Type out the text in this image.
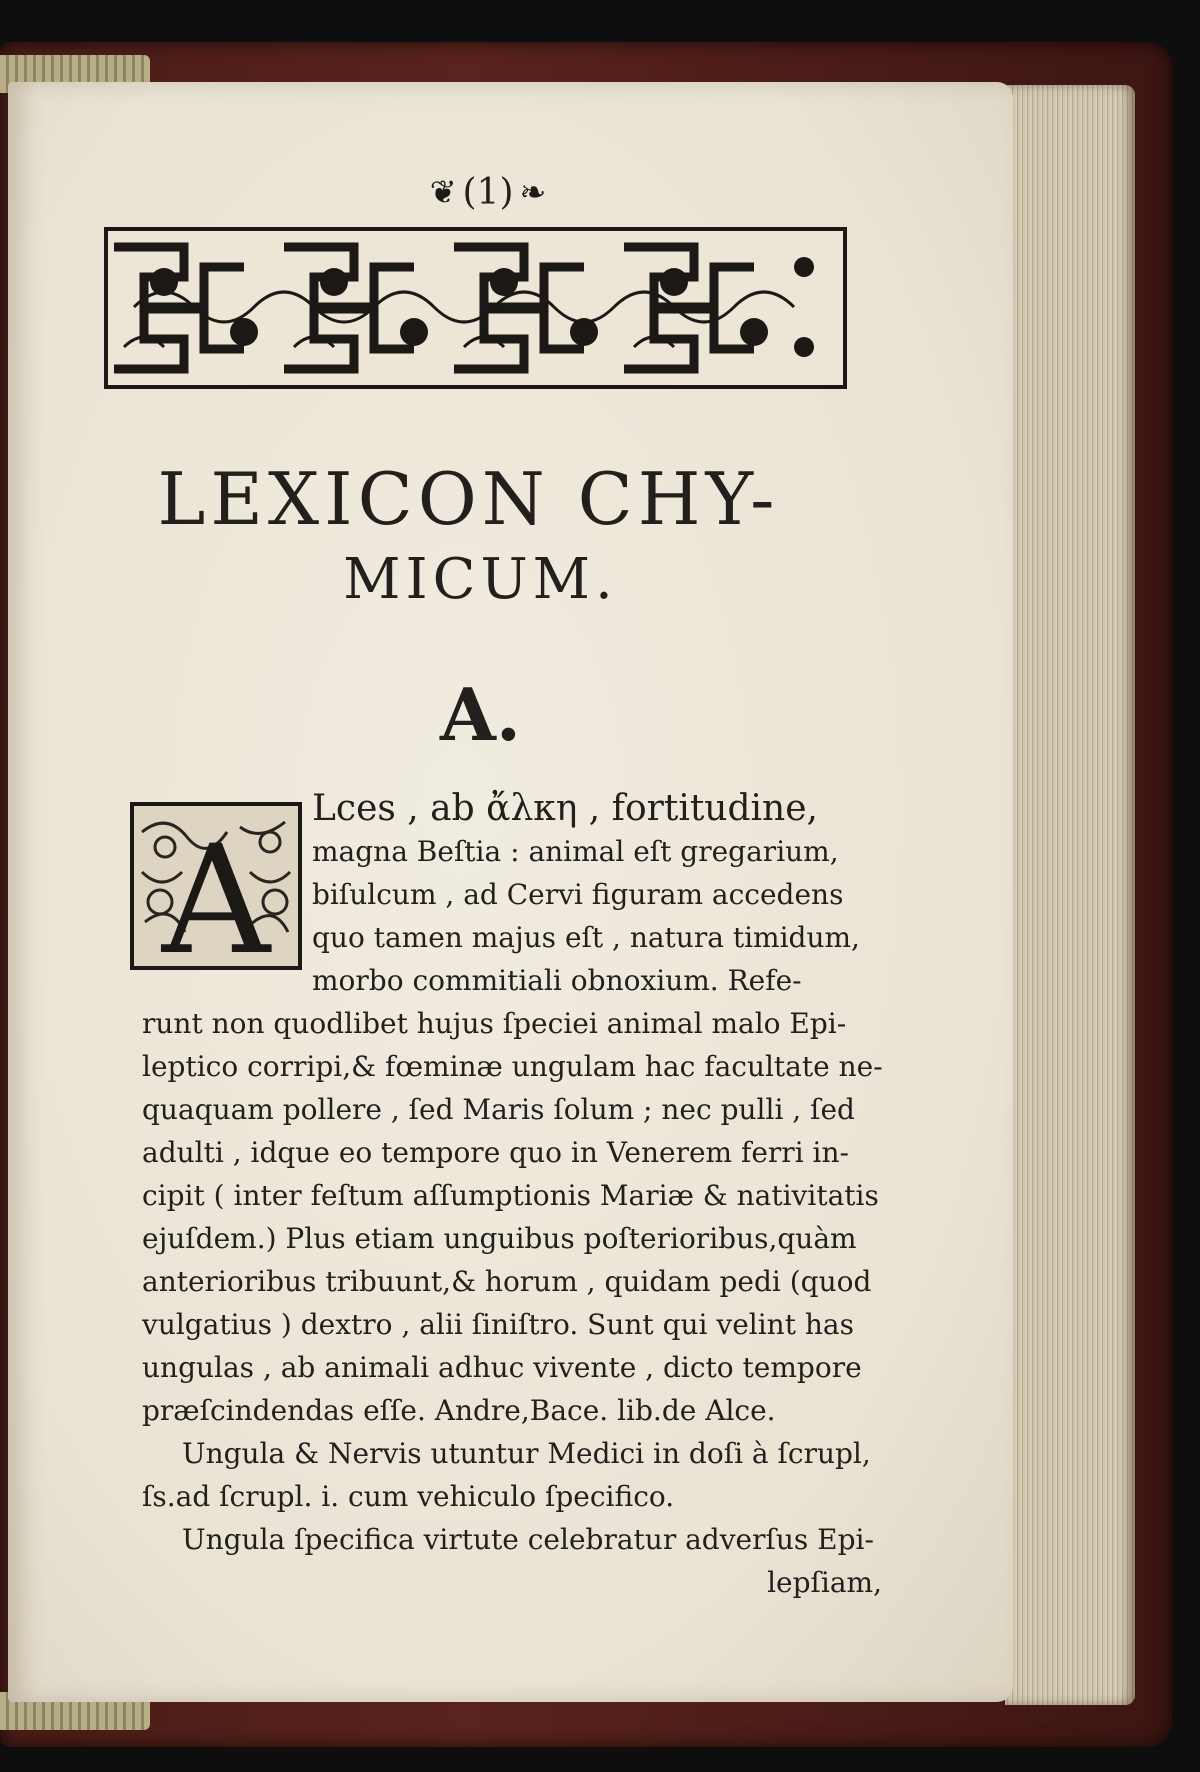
❦ (1) ❧
LEXICON CHY-
MICUM.
A.
A
Lces , ab ἄλκη , fortitudine,
magna Beſtia : animal eſt gregarium,
biſulcum , ad Cervi figuram accedens
quo tamen majus eſt , natura timidum,
morbo commitiali obnoxium. Refe-
runt non quodlibet hujus ſpeciei animal malo Epi-
leptico corripi,& fœminæ ungulam hac facultate ne-
quaquam pollere , ſed Maris ſolum ; nec pulli , ſed
adulti , idque eo tempore quo in Venerem ferri in-
cipit ( inter feſtum aſſumptionis Mariæ & nativitatis
ejuſdem.) Plus etiam unguibus poſterioribus,quàm
anterioribus tribuunt,& horum , quidam pedi (quod
vulgatius ) dextro , alii ſiniſtro. Sunt qui velint has
ungulas , ab animali adhuc vivente , dicto tempore
præſcindendas eſſe. Andre,Bace. lib.de Alce.
Ungula & Nervis utuntur Medici in doſi à ſcrupl,
ſs.ad ſcrupl. i. cum vehiculo ſpecifico.
Ungula ſpecifica virtute celebratur adverſus Epi-
lepſiam,
